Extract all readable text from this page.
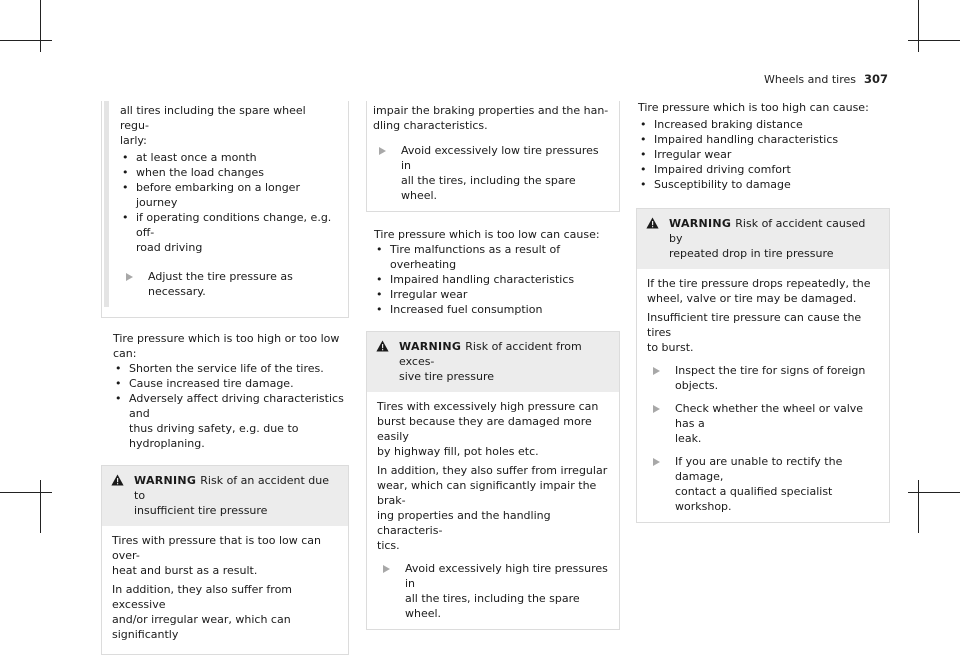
Wheels and tires 307

all tires including the spare wheel regu-
larly:

• at least once a month
• when the load changes
• before embarking on a longer journey
• if operating conditions change, e.g. off-
road driving
Adjust the tire pressure as necessary.

Tire pressure which is too high or too low can:

• Shorten the service life of the tires.
• Cause increased tire damage.
• Adversely affect driving characteristics and
thus driving safety, e.g. due to hydroplaning.
WARNING Risk of an accident due to
insufficient tire pressure

Tires with pressure that is too low can over-
heat and burst as a result.

In addition, they also suffer from excessive
and/or irregular wear, which can significantly

impair the braking properties and the han-
dling characteristics.

Avoid excessively low tire pressures in
all the tires, including the spare wheel.

Tire pressure which is too low can cause:

• Tire malfunctions as a result of overheating
• Impaired handling characteristics
• Irregular wear
• Increased fuel consumption
WARNING Risk of accident from exces-
sive tire pressure

Tires with excessively high pressure can
burst because they are damaged more easily
by highway fill, pot holes etc.

In addition, they also suffer from irregular
wear, which can significantly impair the brak-
ing properties and the handling characteris-
tics.

Avoid excessively high tire pressures in
all the tires, including the spare wheel.

Tire pressure which is too high can cause:

• Increased braking distance
• Impaired handling characteristics
• Irregular wear
• Impaired driving comfort
• Susceptibility to damage
WARNING Risk of accident caused by
repeated drop in tire pressure

If the tire pressure drops repeatedly, the
wheel, valve or tire may be damaged.

Insufficient tire pressure can cause the tires
to burst.

Inspect the tire for signs of foreign
objects.
Check whether the wheel or valve has a
leak.
If you are unable to rectify the damage,
contact a qualified specialist workshop.
